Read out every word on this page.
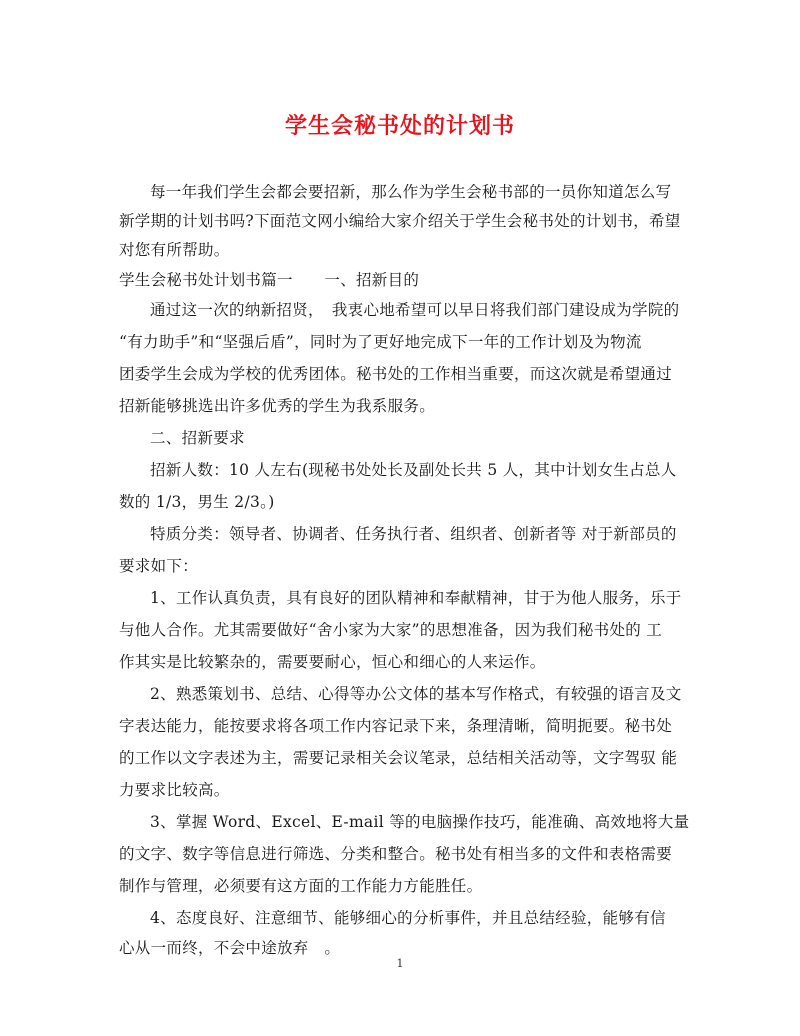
学生会秘书处的计划书
每一年我们学生会都会要招新，那么作为学生会秘书部的一员你知道怎么写
新学期的计划书吗?下面范文网小编给大家介绍关于学生会秘书处的计划书，希望
对您有所帮助。
学生会秘书处计划书篇一　　一、招新目的
通过这一次的纳新招贤，　我衷心地希望可以早日将我们部门建设成为学院的
“有力助手”和“坚强后盾”，同时为了更好地完成下一年的工作计划及为物流
团委学生会成为学校的优秀团体。秘书处的工作相当重要，而这次就是希望通过
招新能够挑选出许多优秀的学生为我系服务。
二、招新要求
招新人数：10 人左右(现秘书处处长及副处长共 5 人，其中计划女生占总人
数的 1/3，男生 2/3。)
特质分类：领导者、协调者、任务执行者、组织者、创新者等 对于新部员的
要求如下：
1、工作认真负责，具有良好的团队精神和奉献精神，甘于为他人服务，乐于
与他人合作。尤其需要做好“舍小家为大家”的思想准备，因为我们秘书处的 工
作其实是比较繁杂的，需要要耐心，恒心和细心的人来运作。
2、熟悉策划书、总结、心得等办公文体的基本写作格式，有较强的语言及文
字表达能力，能按要求将各项工作内容记录下来，条理清晰，简明扼要。秘书处
的工作以文字表述为主，需要记录相关会议笔录，总结相关活动等，文字驾驭 能
力要求比较高。
3、掌握 Word、Excel、E-mail 等的电脑操作技巧，能准确、高效地将大量
的文字、数字等信息进行筛选、分类和整合。秘书处有相当多的文件和表格需要
制作与管理，必须要有这方面的工作能力方能胜任。
4、态度良好、注意细节、能够细心的分析事件，并且总结经验，能够有信
心从一而终，不会中途放弃　。
1
